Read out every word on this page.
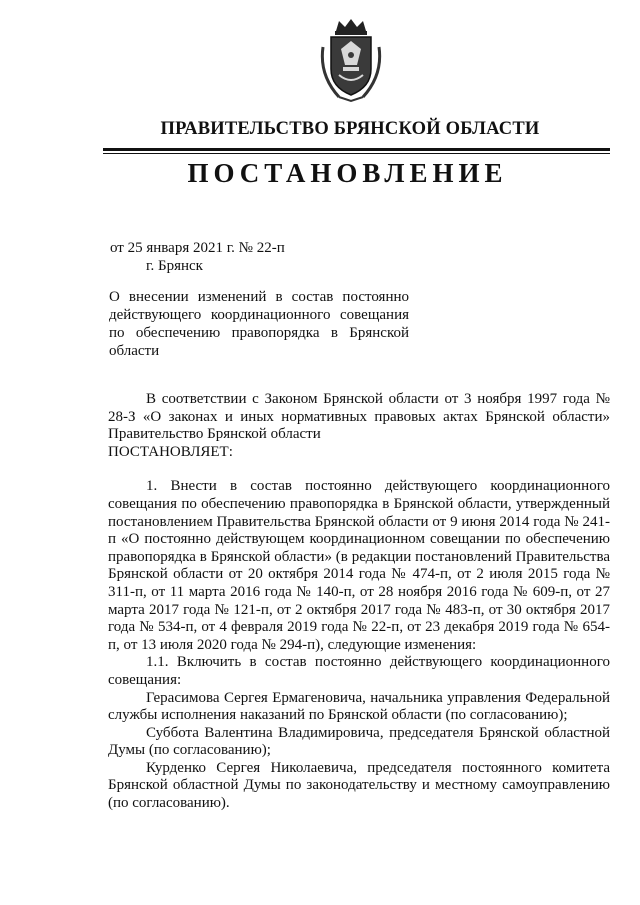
ПРАВИТЕЛЬСТВО БРЯНСКОЙ ОБЛАСТИ
ПОСТАНОВЛЕНИЕ
от 25 января 2021 г. № 22-п
г. Брянск
О внесении изменений в состав постоянно действующего координационного совещания по обеспечению правопорядка в Брянской области

В соответствии с Законом Брянской области от 3 ноября 1997 года № 28-З «О законах и иных нормативных правовых актах Брянской области» Правительство Брянской области

ПОСТАНОВЛЯЕТ:

1. Внести в состав постоянно действующего координационного совещания по обеспечению правопорядка в Брянской области, утвержденный постановлением Правительства Брянской области от 9 июня 2014 года № 241-п «О постоянно действующем координационном совещании по обеспечению правопорядка в Брянской области» (в редакции постановлений Правительства Брянской области от 20 октября 2014 года № 474-п, от 2 июля 2015 года № 311-п, от 11 марта 2016 года № 140-п, от 28 ноября 2016 года № 609-п, от 27 марта 2017 года № 121-п, от 2 октября 2017 года № 483-п, от 30 октября 2017 года № 534-п, от 4 февраля 2019 года № 22-п, от 23 декабря 2019 года № 654-п, от 13 июля 2020 года № 294-п), следующие изменения:

1.1. Включить в состав постоянно действующего координационного совещания:

Герасимова Сергея Ермагеновича, начальника управления Федеральной службы исполнения наказаний по Брянской области (по согласованию);

Суббота Валентина Владимировича, председателя Брянской областной Думы (по согласованию);

Курденко Сергея Николаевича, председателя постоянного комитета Брянской областной Думы по законодательству и местному самоуправлению (по согласованию).
